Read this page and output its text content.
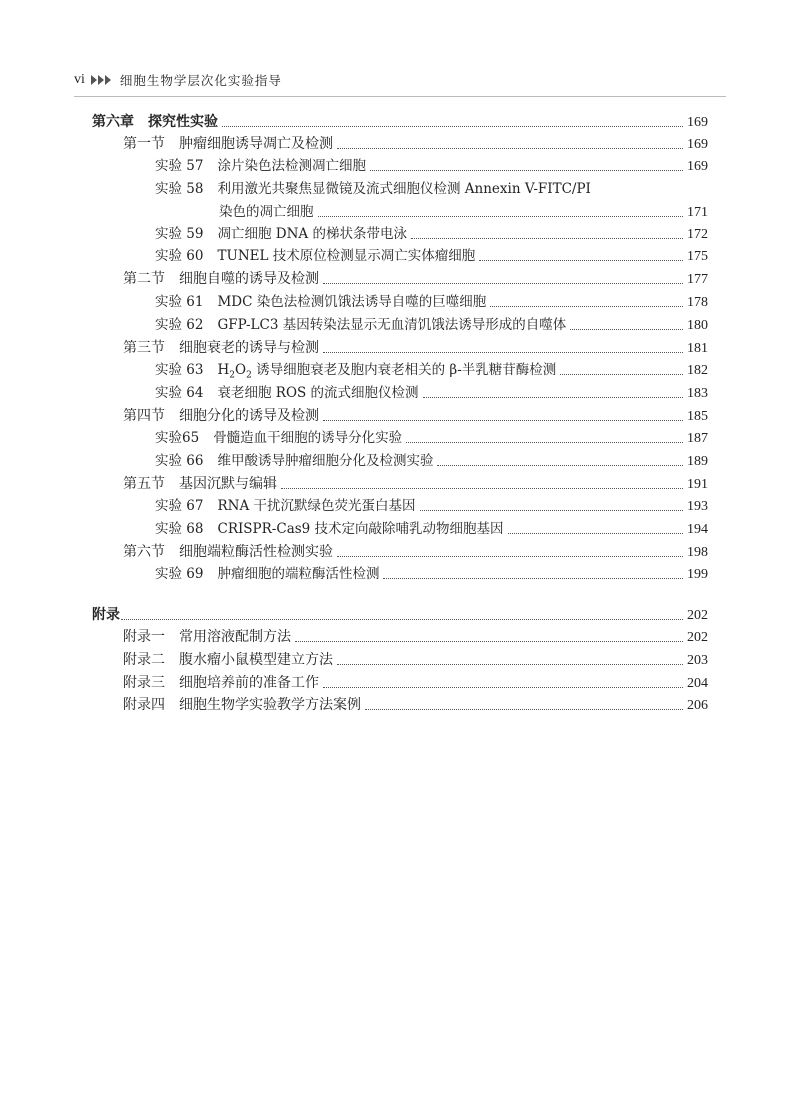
vi	细胞生物学层次化实验指导
第六章 探究性实验	169
第一节 肿瘤细胞诱导凋亡及检测	169
实验 57 涂片染色法检测凋亡细胞	169
实验 58 利用激光共聚焦显微镜及流式细胞仪检测 Annexin V-FITC/PI
染色的凋亡细胞	171
实验 59 凋亡细胞 DNA 的梯状条带电泳	172
实验 60 TUNEL 技术原位检测显示凋亡实体瘤细胞	175
第二节 细胞自噬的诱导及检测	177
实验 61 MDC 染色法检测饥饿法诱导自噬的巨噬细胞	178
实验 62 GFP-LC3 基因转染法显示无血清饥饿法诱导形成的自噬体	180
第三节 细胞衰老的诱导与检测	181
实验 63 $H_2O_2$ 诱导细胞衰老及胞内衰老相关的 β-半乳糖苷酶检测	182
实验 64 衰老细胞 ROS 的流式细胞仪检测	183
第四节 细胞分化的诱导及检测	185
实验65 骨髓造血干细胞的诱导分化实验	187
实验 66 维甲酸诱导肿瘤细胞分化及检测实验	189
第五节 基因沉默与编辑	191
实验 67 RNA 干扰沉默绿色荧光蛋白基因	193
实验 68 CRISPR-Cas9 技术定向敲除哺乳动物细胞基因	194
第六节 细胞端粒酶活性检测实验	198
实验 69 肿瘤细胞的端粒酶活性检测	199
附录	202
附录一 常用溶液配制方法	202
附录二 腹水瘤小鼠模型建立方法	203
附录三 细胞培养前的准备工作	204
附录四 细胞生物学实验教学方法案例	206
